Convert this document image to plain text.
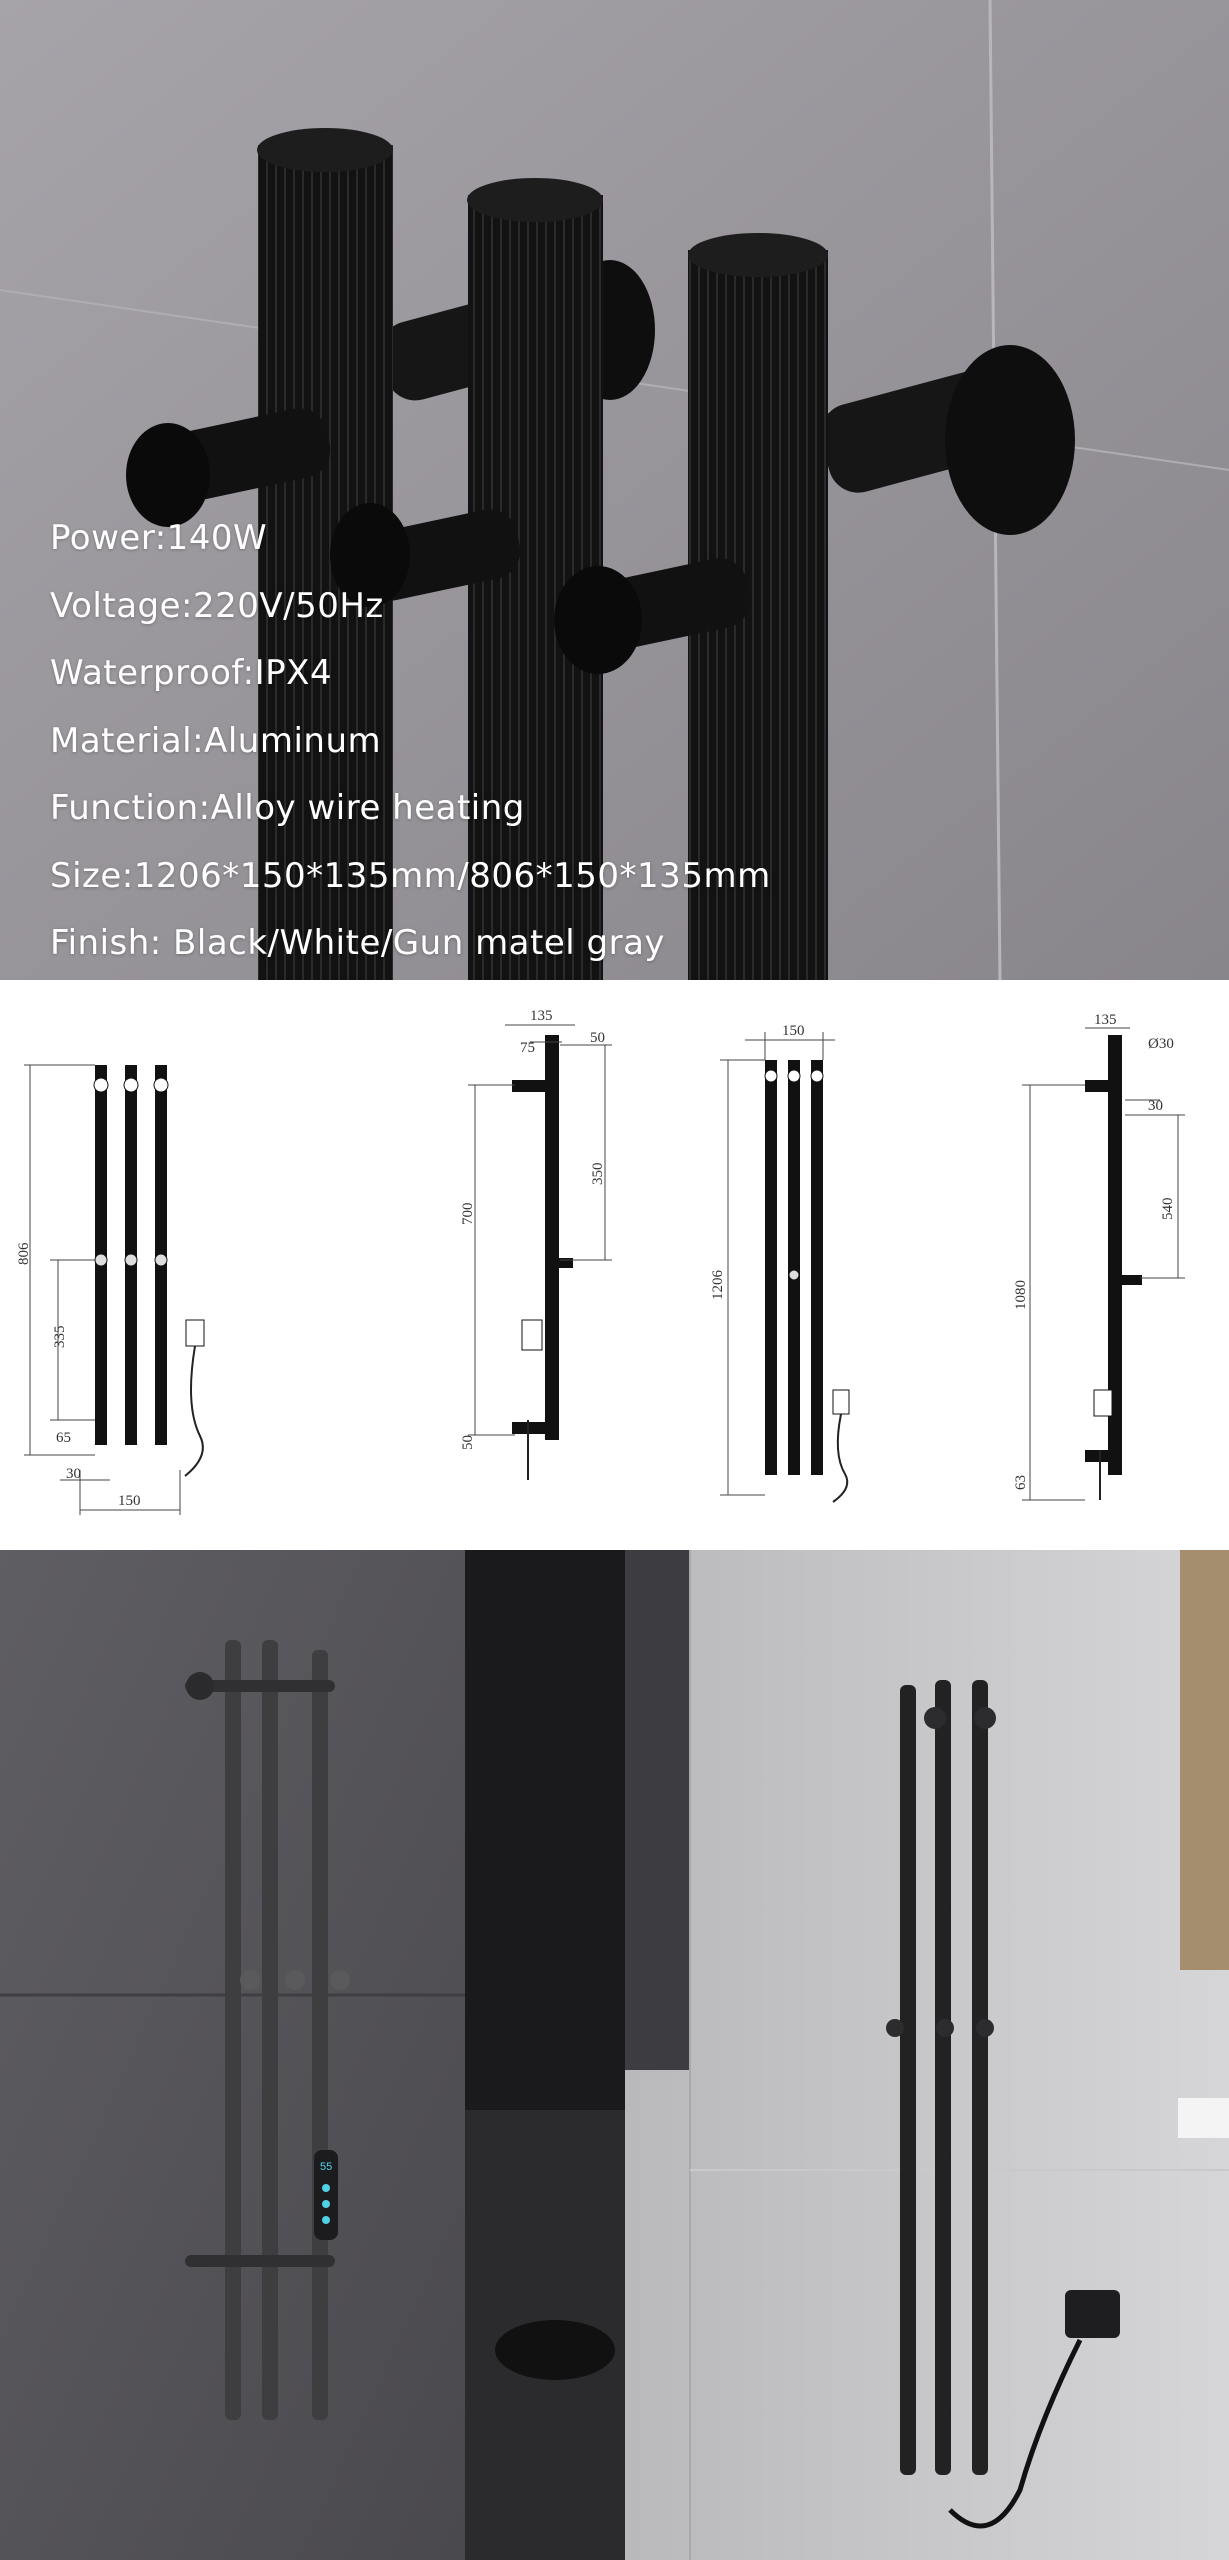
Power:140W
Voltage:220V/50Hz
Waterproof:IPX4
Material:Aluminum
Function:Alloy wire heating
Size:1206*150*135mm/806*150*135mm
Finish: Black/White/Gun matel gray
806
335
65
30
150
135
75
50
350
700
50
150
1206
135
Ø30
30
540
1080
63
55
